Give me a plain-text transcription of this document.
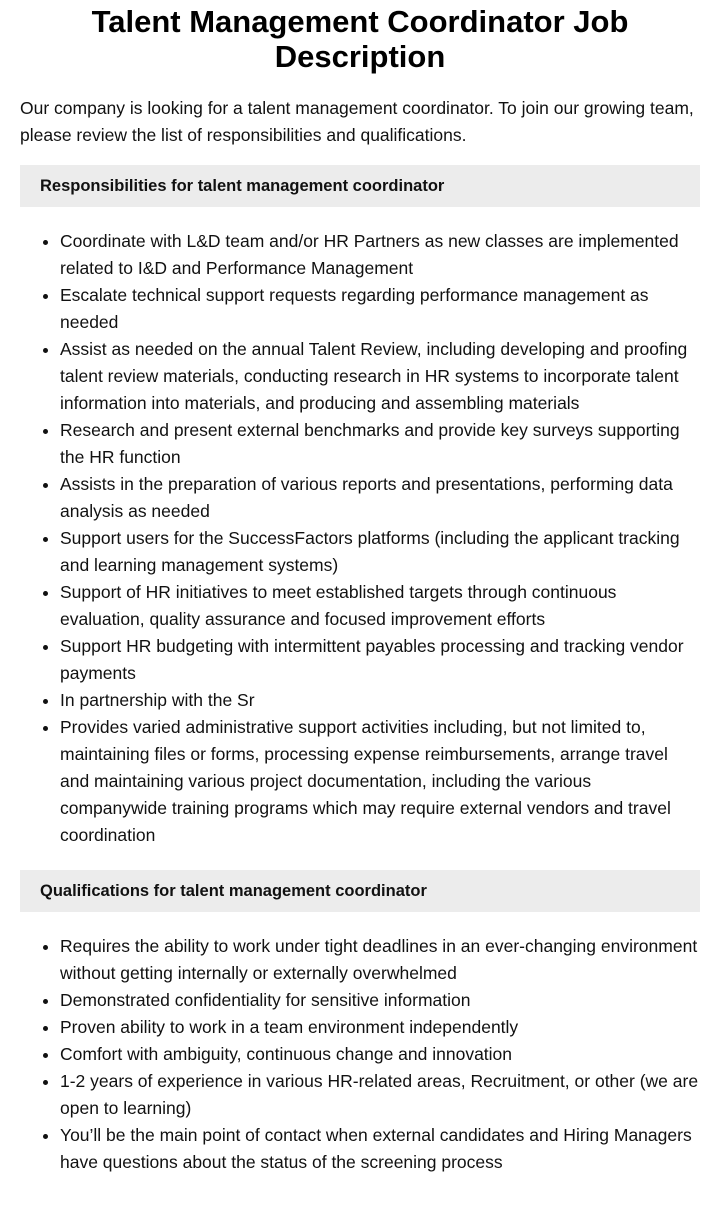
Talent Management Coordinator Job Description

Our company is looking for a talent management coordinator. To join our growing team, please review the list of responsibilities and qualifications.

Responsibilities for talent management coordinator
• Coordinate with L&D team and/or HR Partners as new classes are implemented related to I&D and Performance Management
• Escalate technical support requests regarding performance management as needed
• Assist as needed on the annual Talent Review, including developing and proofing talent review materials, conducting research in HR systems to incorporate talent information into materials, and producing and assembling materials
• Research and present external benchmarks and provide key surveys supporting the HR function
• Assists in the preparation of various reports and presentations, performing data analysis as needed
• Support users for the SuccessFactors platforms (including the applicant tracking and learning management systems)
• Support of HR initiatives to meet established targets through continuous evaluation, quality assurance and focused improvement efforts
• Support HR budgeting with intermittent payables processing and tracking vendor payments
• In partnership with the Sr
• Provides varied administrative support activities including, but not limited to, maintaining files or forms, processing expense reimbursements, arrange travel and maintaining various project documentation, including the various companywide training programs which may require external vendors and travel coordination
Qualifications for talent management coordinator
• Requires the ability to work under tight deadlines in an ever-changing environment without getting internally or externally overwhelmed
• Demonstrated confidentiality for sensitive information
• Proven ability to work in a team environment independently
• Comfort with ambiguity, continuous change and innovation
• 1-2 years of experience in various HR-related areas, Recruitment, or other (we are open to learning)
• You’ll be the main point of contact when external candidates and Hiring Managers have questions about the status of the screening process
